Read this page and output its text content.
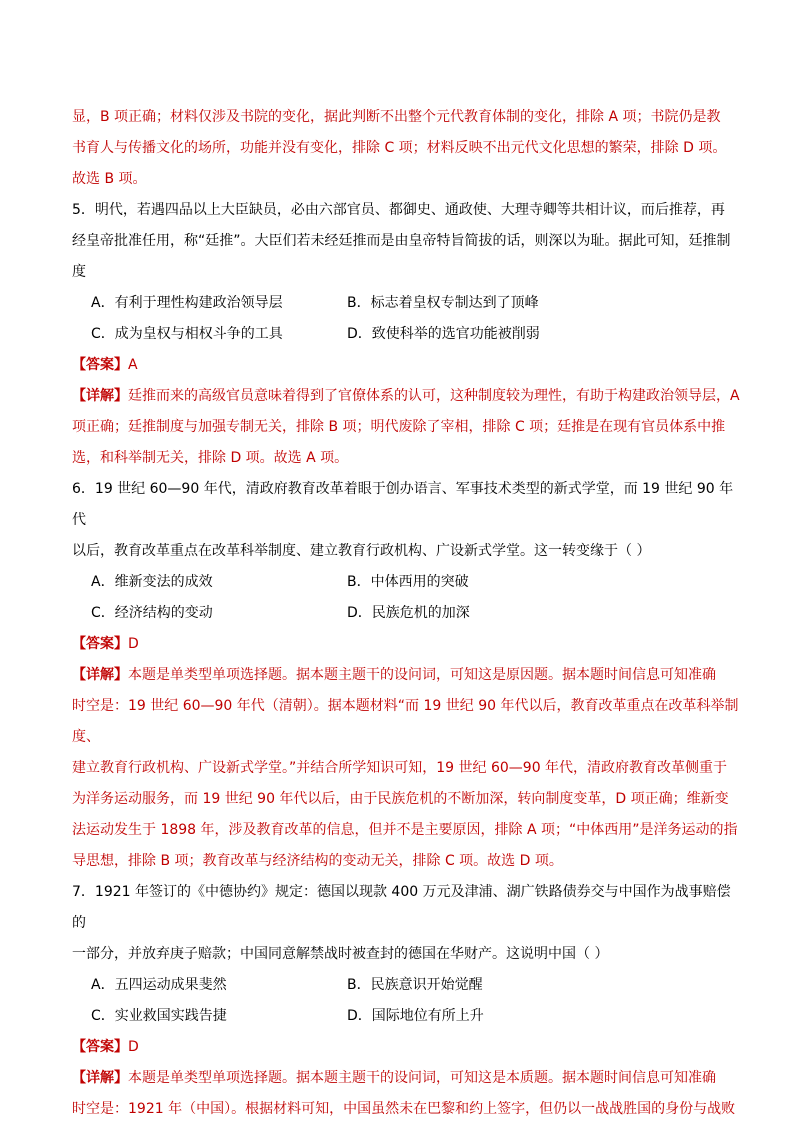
显，B 项正确；材料仅涉及书院的变化，据此判断不出整个元代教育体制的变化，排除 A 项；书院仍是教

书育人与传播文化的场所，功能并没有变化，排除 C 项；材料反映不出元代文化思想的繁荣，排除 D 项。

故选 B 项。

5．明代，若遇四品以上大臣缺员，必由六部官员、都御史、通政使、大理寺卿等共相计议，而后推荐，再

经皇帝批准任用，称“廷推”。大臣们若未经廷推而是由皇帝特旨简拔的话，则深以为耻。据此可知，廷推制

度

A．有利于理性构建政治领导层	B．标志着皇权专制达到了顶峰
C．成为皇权与相权斗争的工具	D．致使科举的选官功能被削弱

【答案】A

【详解】廷推而来的高级官员意味着得到了官僚体系的认可，这种制度较为理性，有助于构建政治领导层，A

项正确；廷推制度与加强专制无关，排除 B 项；明代废除了宰相，排除 C 项；廷推是在现有官员体系中推

选，和科举制无关，排除 D 项。故选 A 项。

6．19 世纪 60—90 年代，清政府教育改革着眼于创办语言、军事技术类型的新式学堂，而 19 世纪 90 年代

以后，教育改革重点在改革科举制度、建立教育行政机构、广设新式学堂。这一转变缘于（ ）

A．维新变法的成效	B．中体西用的突破
C．经济结构的变动	D．民族危机的加深

【答案】D

【详解】本题是单类型单项选择题。据本题主题干的设问词，可知这是原因题。据本题时间信息可知准确

时空是：19 世纪 60—90 年代（清朝）。据本题材料“而 19 世纪 90 年代以后，教育改革重点在改革科举制度、

建立教育行政机构、广设新式学堂。”并结合所学知识可知，19 世纪 60—90 年代，清政府教育改革侧重于

为洋务运动服务，而 19 世纪 90 年代以后，由于民族危机的不断加深，转向制度变革，D 项正确；维新变

法运动发生于 1898 年，涉及教育改革的信息，但并不是主要原因，排除 A 项；“中体西用”是洋务运动的指

导思想，排除 B 项；教育改革与经济结构的变动无关，排除 C 项。故选 D 项。

7．1921 年签订的《中德协约》规定：德国以现款 400 万元及津浦、湖广铁路债券交与中国作为战事赔偿的

一部分，并放弃庚子赔款；中国同意解禁战时被查封的德国在华财产。这说明中国（ ）

A．五四运动成果斐然	B．民族意识开始觉醒
C．实业救国实践告捷	D．国际地位有所上升

【答案】D

【详解】本题是单类型单项选择题。据本题主题干的设问词，可知这是本质题。据本题时间信息可知准确

时空是：1921 年（中国）。根据材料可知，中国虽然未在巴黎和约上签字，但仍以一战战胜国的身份与战败
